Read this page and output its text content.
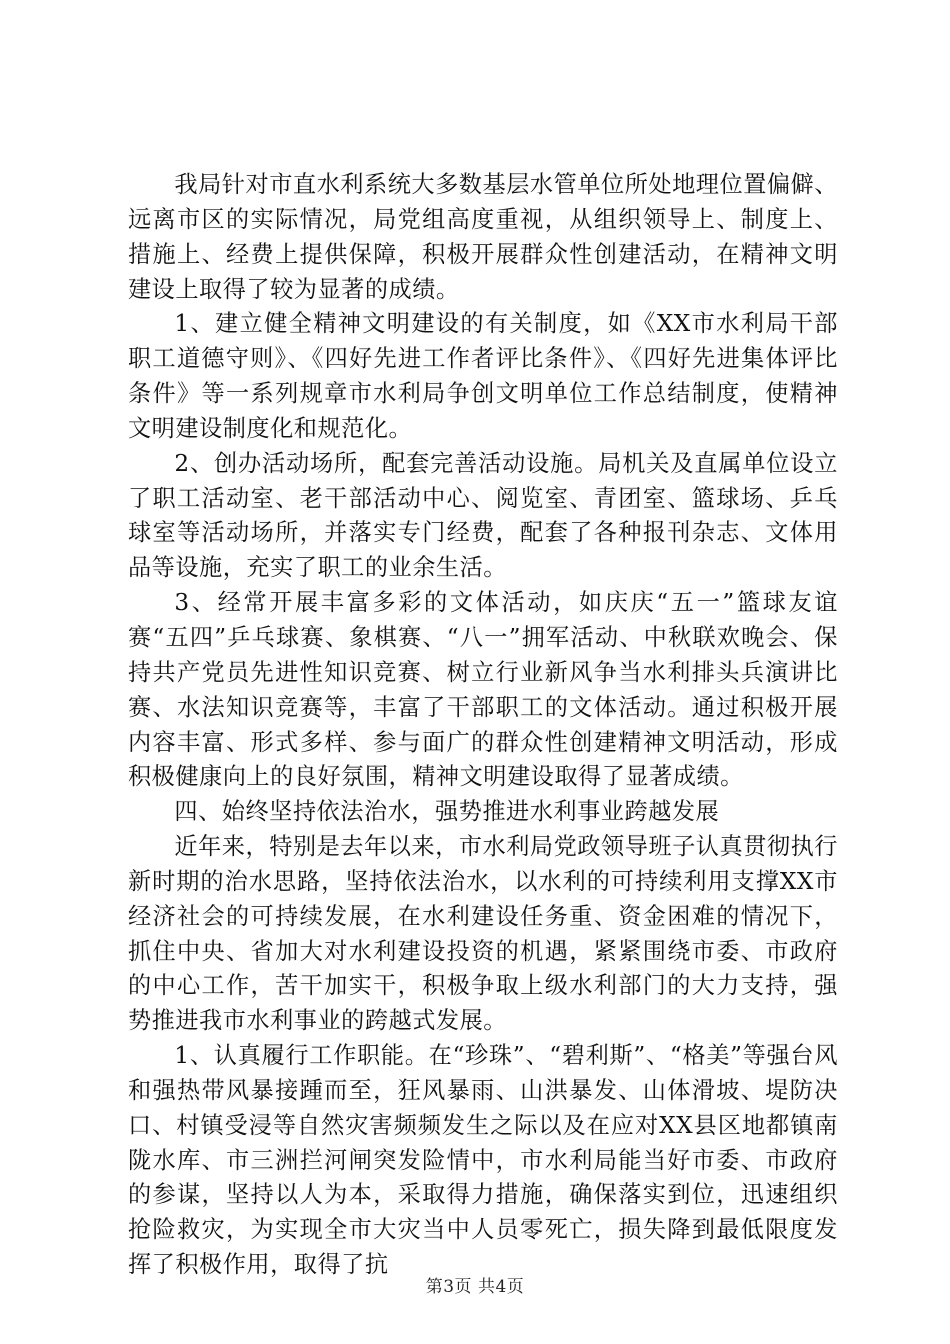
我局针对市直水利系统大多数基层水管单位所处地理位置偏僻、远离市区的实际情况，局党组高度重视，从组织领导上、制度上、措施上、经费上提供保障，积极开展群众性创建活动，在精神文明建设上取得了较为显著的成绩。

1、建立健全精神文明建设的有关制度，如《XX市水利局干部职工道德守则》、《四好先进工作者评比条件》、《四好先进集体评比条件》等一系列规章市水利局争创文明单位工作总结制度，使精神文明建设制度化和规范化。

2、创办活动场所，配套完善活动设施。局机关及直属单位设立了职工活动室、老干部活动中心、阅览室、青团室、篮球场、乒乓球室等活动场所，并落实专门经费，配套了各种报刊杂志、文体用品等设施，充实了职工的业余生活。

3、经常开展丰富多彩的文体活动，如庆庆“五一”篮球友谊赛“五四”乒乓球赛、象棋赛、“八一”拥军活动、中秋联欢晚会、保持共产党员先进性知识竞赛、树立行业新风争当水利排头兵演讲比赛、水法知识竞赛等，丰富了干部职工的文体活动。通过积极开展内容丰富、形式多样、参与面广的群众性创建精神文明活动，形成积极健康向上的良好氛围，精神文明建设取得了显著成绩。

四、始终坚持依法治水，强势推进水利事业跨越发展

近年来，特别是去年以来，市水利局党政领导班子认真贯彻执行新时期的治水思路，坚持依法治水，以水利的可持续利用支撑XX市经济社会的可持续发展，在水利建设任务重、资金困难的情况下，抓住中央、省加大对水利建设投资的机遇，紧紧围绕市委、市政府的中心工作，苦干加实干，积极争取上级水利部门的大力支持，强势推进我市水利事业的跨越式发展。

1、认真履行工作职能。在“珍珠”、“碧利斯”、“格美”等强台风和强热带风暴接踵而至，狂风暴雨、山洪暴发、山体滑坡、堤防决口、村镇受浸等自然灾害频频发生之际以及在应对XX县区地都镇南陇水库、市三洲拦河闸突发险情中，市水利局能当好市委、市政府的参谋，坚持以人为本，采取得力措施，确保落实到位，迅速组织抢险救灾，为实现全市大灾当中人员零死亡，损失降到最低限度发挥了积极作用，取得了抗

第3页 共4页
